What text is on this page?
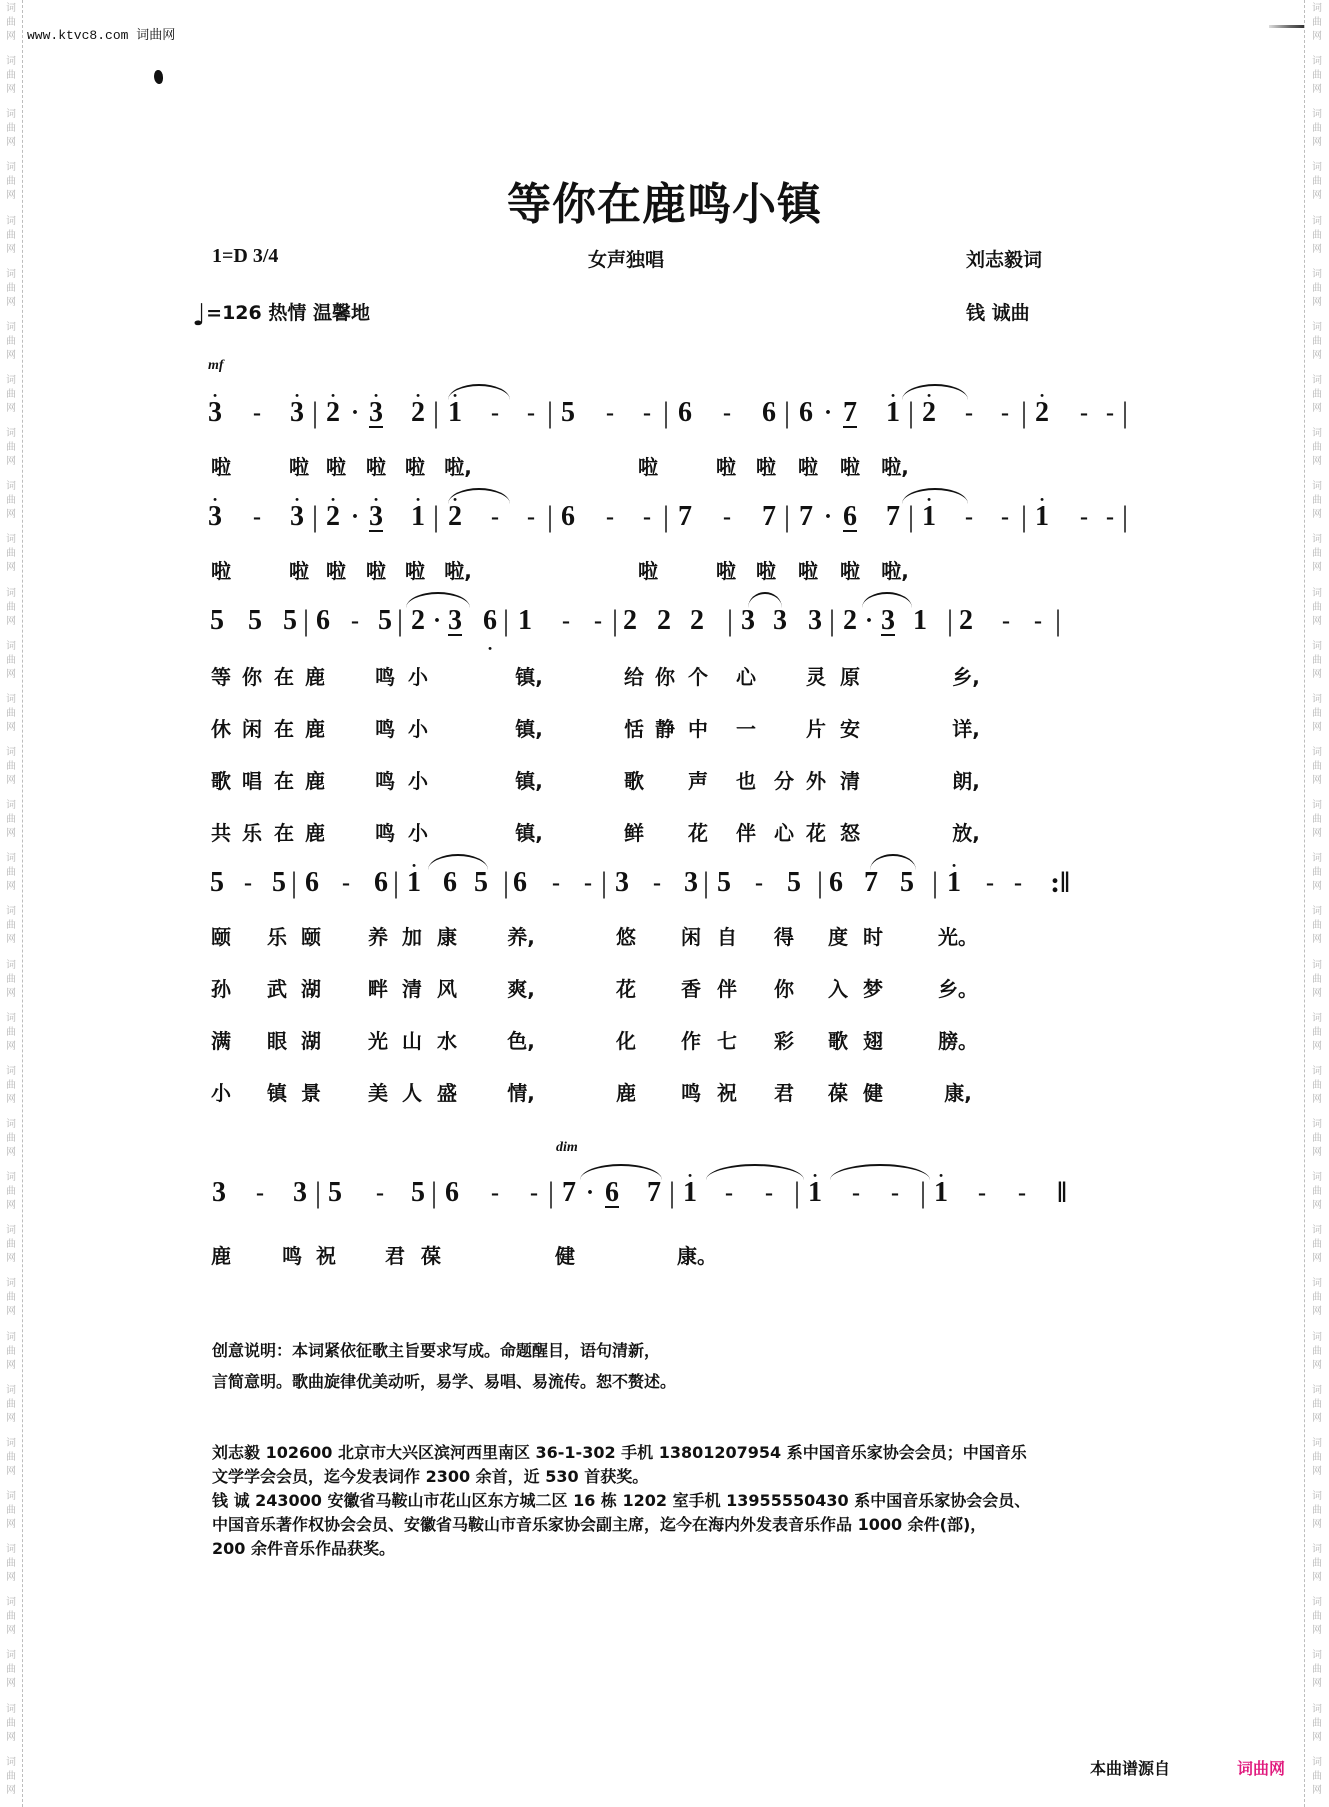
词
曲
网
词
曲
网
词
曲
网
词
曲
网
词
曲
网
词
曲
网
词
曲
网
词
曲
网
词
曲
网
词
曲
网
词
曲
网
词
曲
网
词
曲
网
词
曲
网
词
曲
网
词
曲
网
词
曲
网
词
曲
网
词
曲
网
词
曲
网
词
曲
网
词
曲
网
词
曲
网
词
曲
网
词
曲
网
词
曲
网
词
曲
网
词
曲
网
词
曲
网
词
曲
网
词
曲
网
词
曲
网
词
曲
网
词
曲
网
词
曲
网
词
曲
网
词
曲
网
词
曲
网
词
曲
网
词
曲
网
词
曲
网
词
曲
网
词
曲
网
词
曲
网
词
曲
网
词
曲
网
词
曲
网
词
曲
网
词
曲
网
词
曲
网
词
曲
网
词
曲
网
词
曲
网
词
曲
网
词
曲
网
词
曲
网
词
曲
网
词
曲
网
词
曲
网
词
曲
网
词
曲
网
词
曲
网
词
曲
网
词
曲
网
词
曲
网
词
曲
网
词
曲
网
词
曲
网
www.ktvc8.com 词曲网
等你在鹿鸣小镇
1=D 3/4	女声独唱	刘志毅词
♩=126 热情 温馨地	钱 诚曲
mf
dim
• 3 - • 3 | • 2 · • 3 • 2 | • 1 - - | 5 - - | 6 - 6 | 6 · 7 • 1 | • 2 - - | • 2 - - |
啦	啦 啦 啦 啦 啦,	啦	啦 啦 啦 啦 啦,
• 3 - • 3 | • 2 · • 3 • 1 | • 2 - - | 6 - - | 7 - 7 | 7 · 6 7 | • 1 - - | • 1 - - |
啦	啦 啦 啦 啦 啦,	啦	啦 啦 啦 啦 啦,
5 5 5 | 6 - 5 | 2 · 3 6 • | 1 - - | 2 2 2 | 3 3 3 | 2 · 3 1 | 2 - - |
等 你 在 鹿	鸣 小	镇,	给 你 个 心	灵 原	乡,
休 闲 在 鹿	鸣 小	镇,	恬 静 中 一	片 安	详,
歌 唱 在 鹿	鸣 小	镇,	歌 声 也 分 外 清	朗,
共 乐 在 鹿	鸣 小	镇,	鲜 花 伴 心 花 怒	放,
5 - 5 | 6 - 6 | • 1 6 5 | 6 - - | 3 - 3 | 5 - 5 | 6 7 5 | • 1 - - :‖
颐 乐 颐 养 加 康	养,	悠 闲 自 得 度 时	光。
孙 武 湖 畔 清 风	爽,	花 香 伴 你 入 梦	乡。
满 眼 湖 光 山 水	色,	化 作 七 彩 歌 翅	膀。
小 镇 景 美 人 盛	情,	鹿 鸣 祝 君 葆 健	康,
3 - 3 | 5 - 5 | 6 - - | 7 · 6 7 | • 1 - - | • 1 - - | • 1 - - ‖
鹿	鸣 祝 君 葆	健	康。

创意说明：本词紧依征歌主旨要求写成。命题醒目，语句清新，

言简意明。歌曲旋律优美动听，易学、易唱、易流传。恕不赘述。

刘志毅 102600 北京市大兴区滨河西里南区 36-1-302 手机 13801207954 系中国音乐家协会会员；中国音乐

文学学会会员，迄今发表词作 2300 余首，近 530 首获奖。

钱 诚 243000 安徽省马鞍山市花山区东方城二区 16 栋 1202 室手机 13955550430 系中国音乐家协会会员、

中国音乐著作权协会会员、安徽省马鞍山市音乐家协会副主席，迄今在海内外发表音乐作品 1000 余件(部)，

200 余件音乐作品获奖。

本曲谱源自	词曲网
